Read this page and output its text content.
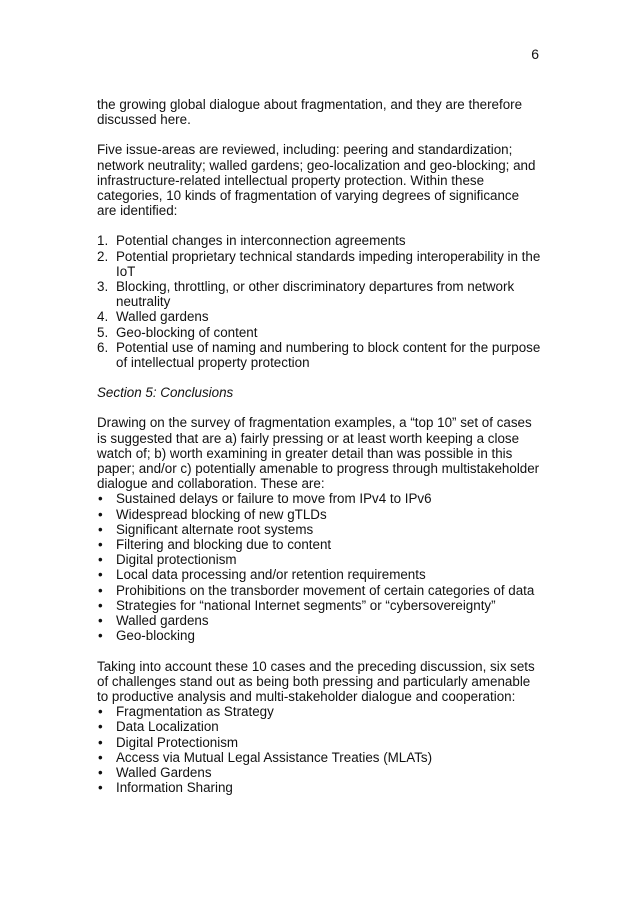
6

the growing global dialogue about fragmentation, and they are therefore discussed here.

Five issue-areas are reviewed, including: peering and standardization; network neutrality; walled gardens; geo-localization and geo-blocking; and infrastructure-related intellectual property protection. Within these categories, 10 kinds of fragmentation of varying degrees of significance are identified:

1. Potential changes in interconnection agreements
2. Potential proprietary technical standards impeding interoperability in the IoT
3. Blocking, throttling, or other discriminatory departures from network neutrality
4. Walled gardens
5. Geo-blocking of content
6. Potential use of naming and numbering to block content for the purpose of intellectual property protection

Section 5: Conclusions

Drawing on the survey of fragmentation examples, a “top 10” set of cases is suggested that are a) fairly pressing or at least worth keeping a close watch of; b) worth examining in greater detail than was possible in this paper; and/or c) potentially amenable to progress through multistakeholder dialogue and collaboration. These are:

• Sustained delays or failure to move from IPv4 to IPv6
• Widespread blocking of new gTLDs
• Significant alternate root systems
• Filtering and blocking due to content
• Digital protectionism
• Local data processing and/or retention requirements
• Prohibitions on the transborder movement of certain categories of data
• Strategies for “national Internet segments” or “cybersovereignty”
• Walled gardens
• Geo-blocking

Taking into account these 10 cases and the preceding discussion, six sets of challenges stand out as being both pressing and particularly amenable to productive analysis and multi-stakeholder dialogue and cooperation:

• Fragmentation as Strategy
• Data Localization
• Digital Protectionism
• Access via Mutual Legal Assistance Treaties (MLATs)
• Walled Gardens
• Information Sharing
